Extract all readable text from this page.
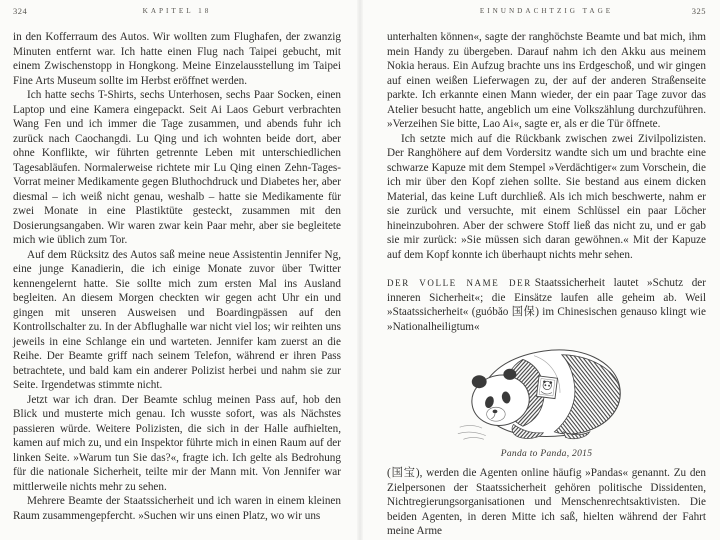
324	KAPITEL 18

in den Kofferraum des Autos. Wir wollten zum Flughafen, der zwanzig Minuten entfernt war. Ich hatte einen Flug nach Taipei gebucht, mit einem Zwischenstopp in Hongkong. Meine Einzelausstellung im Taipei Fine Arts Museum sollte im Herbst eröffnet werden.

Ich hatte sechs T-Shirts, sechs Unterhosen, sechs Paar Socken, einen Laptop und eine Kamera eingepackt. Seit Ai Laos Geburt verbrachten Wang Fen und ich immer die Tage zusammen, und abends fuhr ich zurück nach Caochangdi. Lu Qing und ich wohnten beide dort, aber ohne Konflikte, wir führten getrennte Leben mit unterschiedlichen Tagesabläufen. Normalerweise richtete mir Lu Qing einen Zehn-Tages-Vorrat meiner Medikamente gegen Bluthochdruck und Diabetes her, aber diesmal – ich weiß nicht genau, weshalb – hatte sie Medikamente für zwei Monate in eine Plastiktüte gesteckt, zusammen mit den Dosierungsangaben. Wir waren zwar kein Paar mehr, aber sie begleitete mich wie üblich zum Tor.

Auf dem Rücksitz des Autos saß meine neue Assistentin Jennifer Ng, eine junge Kanadierin, die ich einige Monate zuvor über Twitter kennengelernt hatte. Sie sollte mich zum ersten Mal ins Ausland begleiten. An diesem Morgen checkten wir gegen acht Uhr ein und gingen mit unseren Ausweisen und Boardingpässen auf den Kontrollschalter zu. In der Abflughalle war nicht viel los; wir reihten uns jeweils in eine Schlange ein und warteten. Jennifer kam zuerst an die Reihe. Der Beamte griff nach seinem Telefon, während er ihren Pass betrachtete, und bald kam ein anderer Polizist herbei und nahm sie zur Seite. Irgendetwas stimmte nicht.

Jetzt war ich dran. Der Beamte schlug meinen Pass auf, hob den Blick und musterte mich genau. Ich wusste sofort, was als Nächstes passieren würde. Weitere Polizisten, die sich in der Halle aufhielten, kamen auf mich zu, und ein Inspektor führte mich in einen Raum auf der linken Seite. »Warum tun Sie das?«, fragte ich. Ich gelte als Bedrohung für die nationale Sicherheit, teilte mir der Mann mit. Von Jennifer war mittlerweile nichts mehr zu sehen.

Mehrere Beamte der Staatssicherheit und ich waren in einem kleinen Raum zusammengepfercht. »Suchen wir uns einen Platz, wo wir uns

EINUNDACHTZIG TAGE	325

unterhalten können«, sagte der ranghöchste Beamte und bat mich, ihm mein Handy zu übergeben. Darauf nahm ich den Akku aus meinem Nokia heraus. Ein Aufzug brachte uns ins Erdgeschoß, und wir gingen auf einen weißen Lieferwagen zu, der auf der anderen Straßenseite parkte. Ich erkannte einen Mann wieder, der ein paar Tage zuvor das Atelier besucht hatte, angeblich um eine Volkszählung durchzuführen. »Verzeihen Sie bitte, Lao Ai«, sagte er, als er die Tür öffnete.

Ich setzte mich auf die Rückbank zwischen zwei Zivilpolizisten. Der Ranghöhere auf dem Vordersitz wandte sich um und brachte eine schwarze Kapuze mit dem Stempel »Verdächtiger« zum Vorschein, die ich mir über den Kopf ziehen sollte. Sie bestand aus einem dicken Material, das keine Luft durchließ. Als ich mich beschwerte, nahm er sie zurück und versuchte, mit einem Schlüssel ein paar Löcher hineinzubohren. Aber der schwere Stoff ließ das nicht zu, und er gab sie mir zurück: »Sie müssen sich daran gewöhnen.« Mit der Kapuze auf dem Kopf konnte ich überhaupt nichts mehr sehen.

DER VOLLE NAME DER Staatssicherheit lautet »Schutz der inneren Sicherheit«; die Einsätze laufen alle geheim ab. Weil »Staatssicherheit« (guóbǎo 国保) im Chinesischen genauso klingt wie »Nationalheiligtum«

Panda to Panda, 2015

(国宝), werden die Agenten online häufig »Pandas« genannt. Zu den Zielpersonen der Staatssicherheit gehören politische Dissidenten, Nichtregierungsorganisationen und Menschenrechtsaktivisten. Die beiden Agenten, in deren Mitte ich saß, hielten während der Fahrt meine Arme
